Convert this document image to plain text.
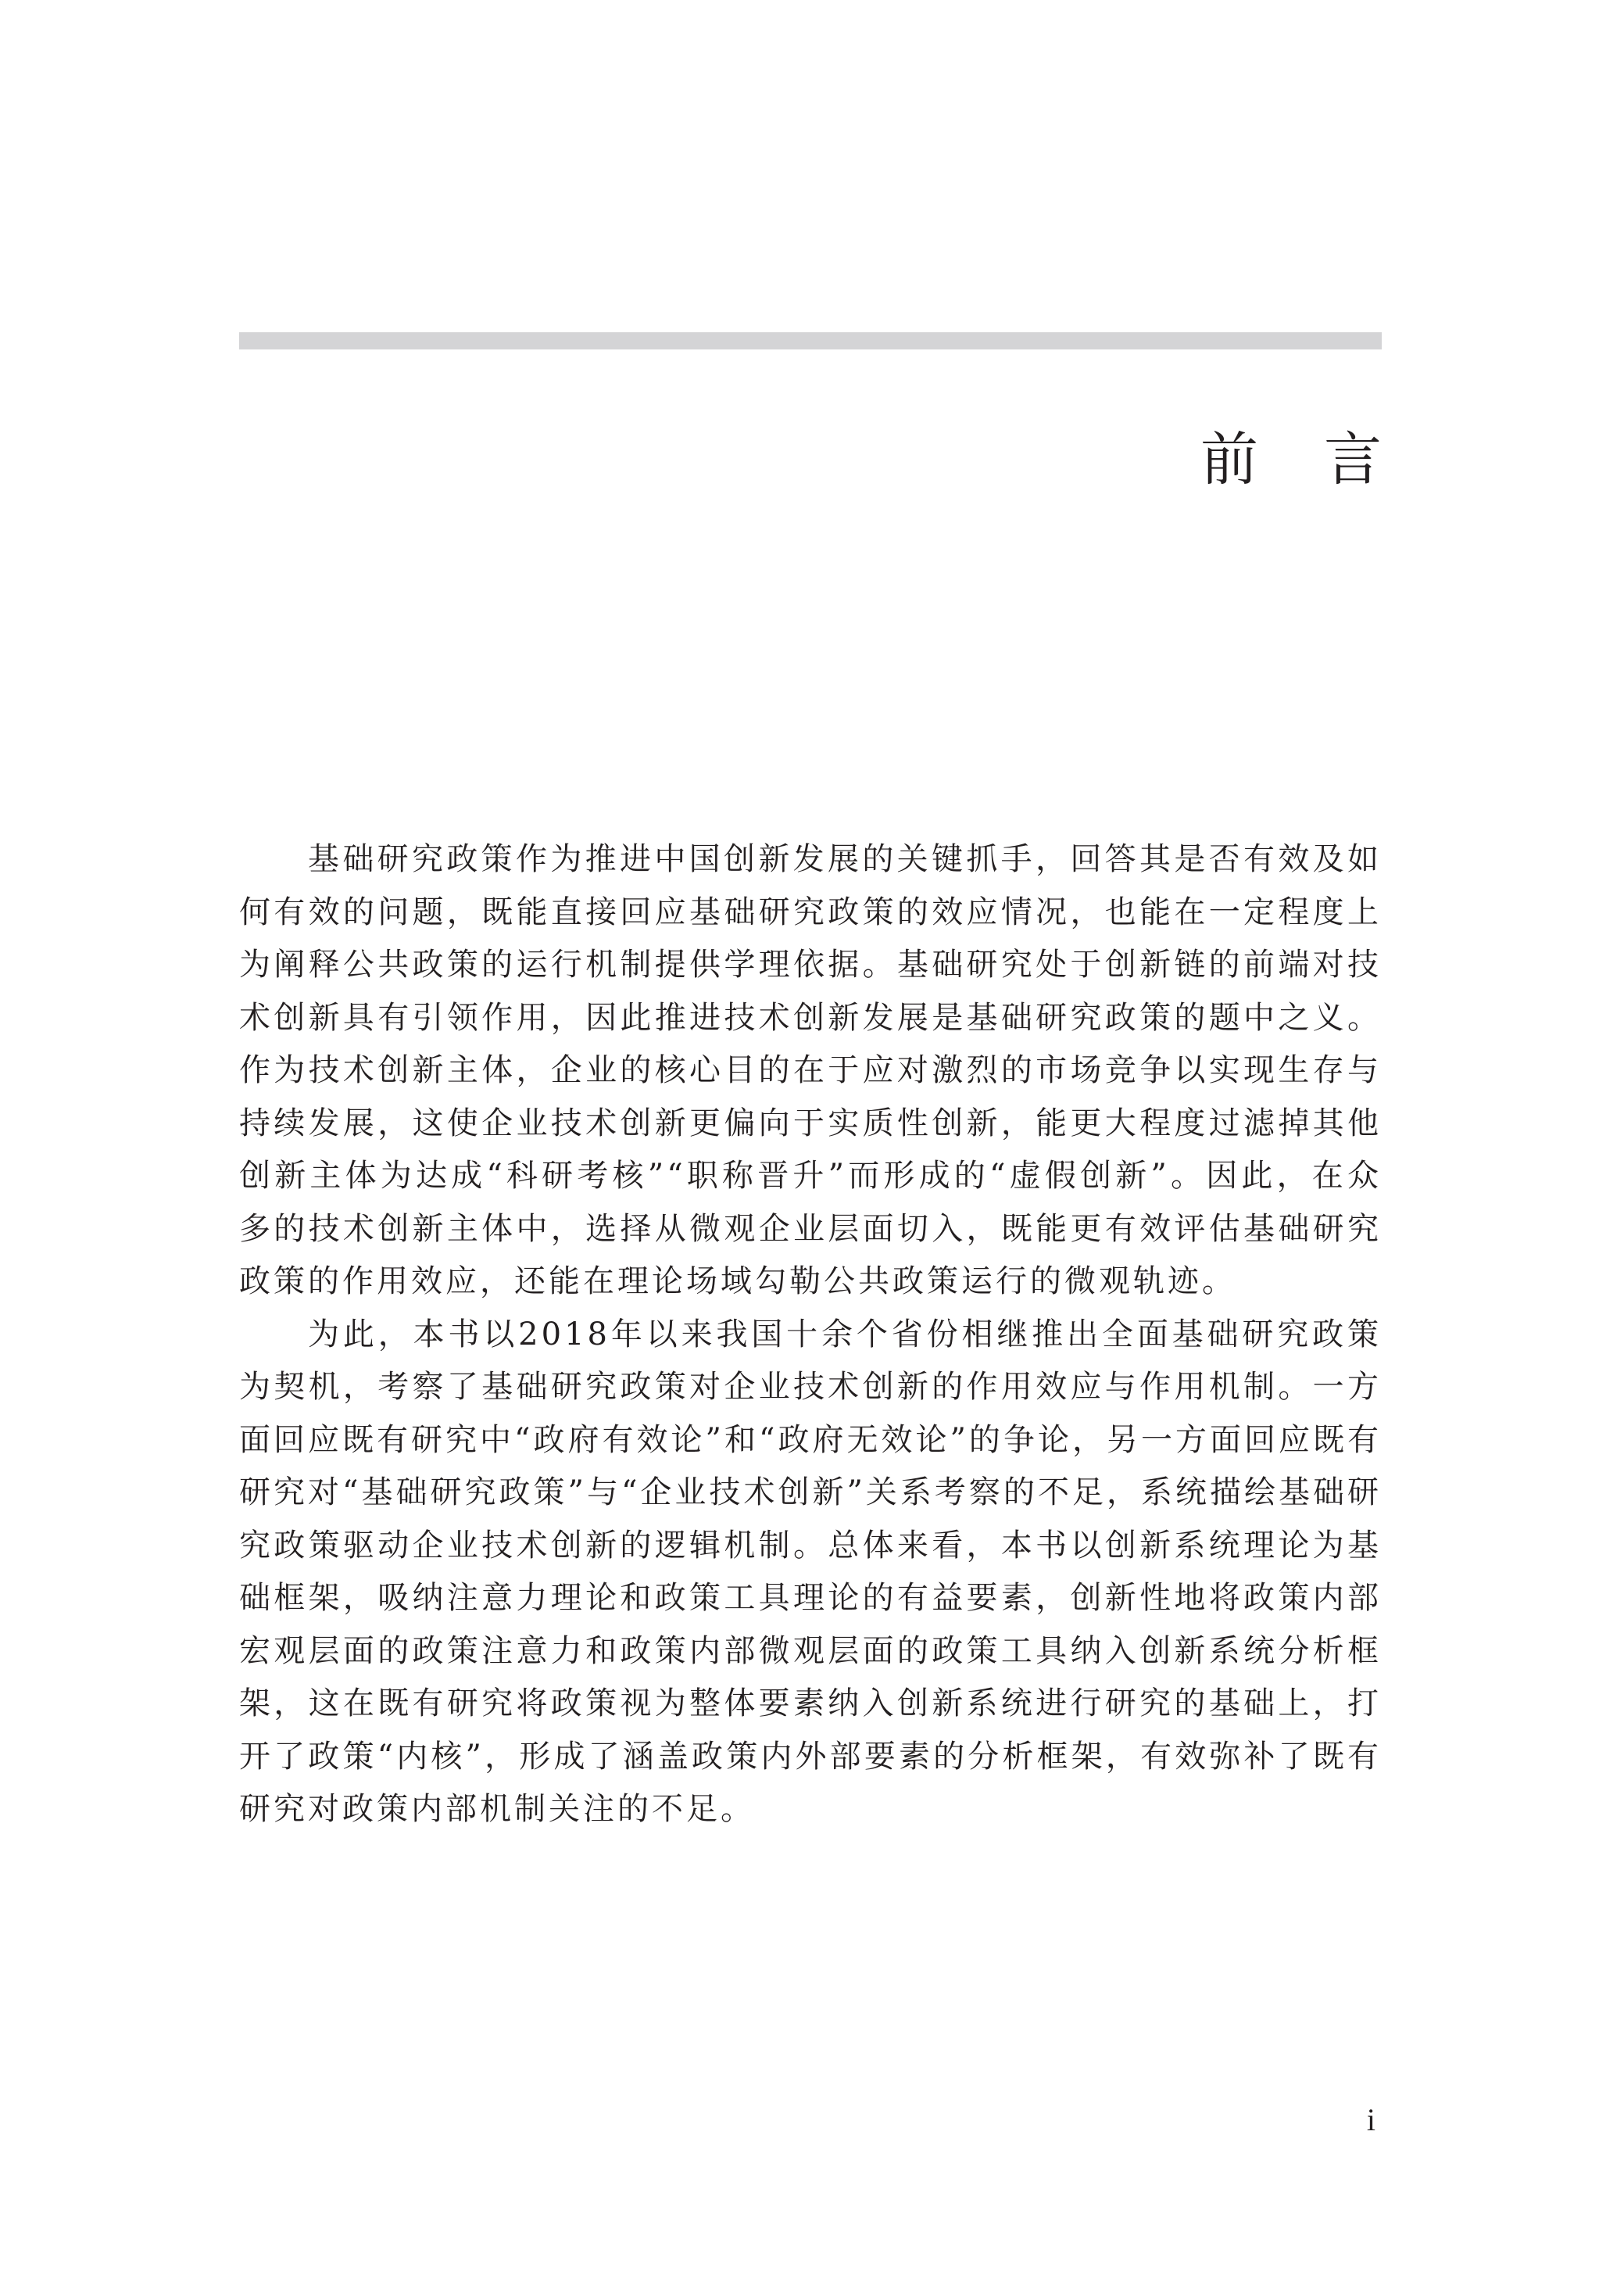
前言

基础研究政策作为推进中国创新发展的关键抓手，回答其是否有效及如何有效的问题，既能直接回应基础研究政策的效应情况，也能在一定程度上为阐释公共政策的运行机制提供学理依据。基础研究处于创新链的前端对技术创新具有引领作用，因此推进技术创新发展是基础研究政策的题中之义。作为技术创新主体，企业的核心目的在于应对激烈的市场竞争以实现生存与持续发展，这使企业技术创新更偏向于实质性创新，能更大程度过滤掉其他创新主体为达成“科研考核”“职称晋升”而形成的“虚假创新”。因此，在众多的技术创新主体中，选择从微观企业层面切入，既能更有效评估基础研究政策的作用效应，还能在理论场域勾勒公共政策运行的微观轨迹。

为此，本书以2018年以来我国十余个省份相继推出全面基础研究政策为契机，考察了基础研究政策对企业技术创新的作用效应与作用机制。一方面回应既有研究中“政府有效论”和“政府无效论”的争论，另一方面回应既有研究对“基础研究政策”与“企业技术创新”关系考察的不足，系统描绘基础研究政策驱动企业技术创新的逻辑机制。总体来看，本书以创新系统理论为基础框架，吸纳注意力理论和政策工具理论的有益要素，创新性地将政策内部宏观层面的政策注意力和政策内部微观层面的政策工具纳入创新系统分析框架，这在既有研究将政策视为整体要素纳入创新系统进行研究的基础上，打开了政策“内核”，形成了涵盖政策内外部要素的分析框架，有效弥补了既有研究对政策内部机制关注的不足。

i
